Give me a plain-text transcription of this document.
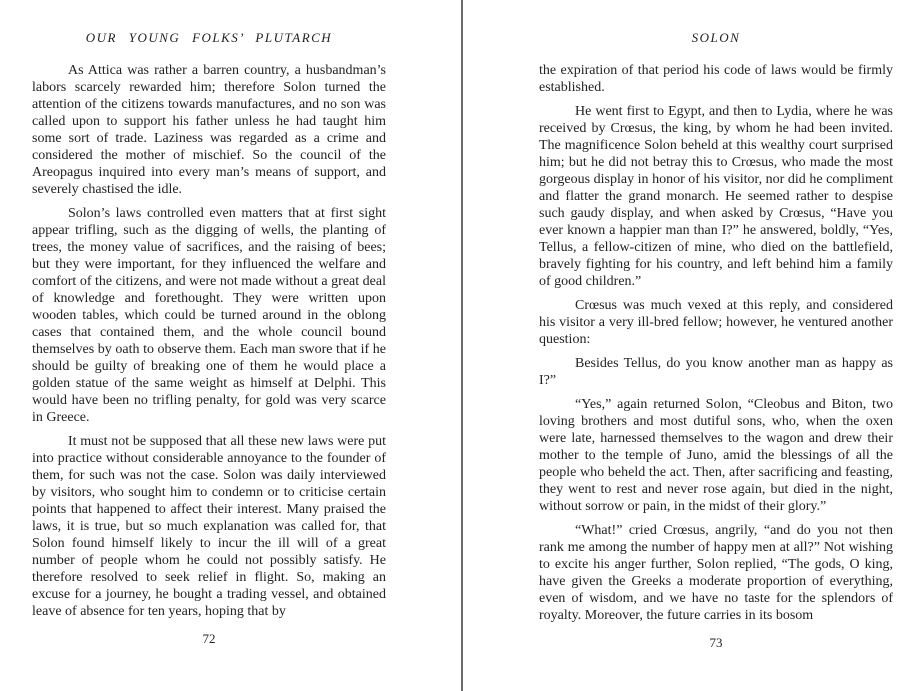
OUR YOUNG FOLKS’ PLUTARCH

As Attica was rather a barren country, a husbandman’s labors scarcely rewarded him; therefore Solon turned the attention of the citizens towards manufactures, and no son was called upon to support his father unless he had taught him some sort of trade. Laziness was regarded as a crime and considered the mother of mischief. So the council of the Areopagus inquired into every man’s means of support, and severely chastised the idle.

Solon’s laws controlled even matters that at first sight appear trifling, such as the digging of wells, the planting of trees, the money value of sacrifices, and the raising of bees; but they were important, for they influenced the welfare and comfort of the citizens, and were not made without a great deal of knowledge and forethought. They were written upon wooden tables, which could be turned around in the oblong cases that contained them, and the whole council bound themselves by oath to observe them. Each man swore that if he should be guilty of breaking one of them he would place a golden statue of the same weight as himself at Delphi. This would have been no trifling penalty, for gold was very scarce in Greece.

It must not be supposed that all these new laws were put into practice without considerable annoyance to the founder of them, for such was not the case. Solon was daily interviewed by visitors, who sought him to condemn or to criticise certain points that happened to affect their interest. Many praised the laws, it is true, but so much explanation was called for, that Solon found himself likely to incur the ill will of a great number of people whom he could not possibly satisfy. He therefore resolved to seek relief in flight. So, making an excuse for a journey, he bought a trading vessel, and obtained leave of absence for ten years, hoping that by

72
SOLON

the expiration of that period his code of laws would be firmly established.

He went first to Egypt, and then to Lydia, where he was received by Crœsus, the king, by whom he had been invited. The magnificence Solon beheld at this wealthy court surprised him; but he did not betray this to Crœsus, who made the most gorgeous display in honor of his visitor, nor did he compliment and flatter the grand monarch. He seemed rather to despise such gaudy display, and when asked by Crœsus, “Have you ever known a happier man than I?” he answered, boldly, “Yes, Tellus, a fellow-citizen of mine, who died on the battlefield, bravely fighting for his country, and left behind him a family of good children.”

Crœsus was much vexed at this reply, and considered his visitor a very ill-bred fellow; however, he ventured another question:

Besides Tellus, do you know another man as happy as I?”

“Yes,” again returned Solon, “Cleobus and Biton, two loving brothers and most dutiful sons, who, when the oxen were late, harnessed themselves to the wagon and drew their mother to the temple of Juno, amid the blessings of all the people who beheld the act. Then, after sacrificing and feasting, they went to rest and never rose again, but died in the night, without sorrow or pain, in the midst of their glory.”

“What!” cried Crœsus, angrily, “and do you not then rank me among the number of happy men at all?” Not wishing to excite his anger further, Solon replied, “The gods, O king, have given the Greeks a moderate proportion of everything, even of wisdom, and we have no taste for the splendors of royalty. Moreover, the future carries in its bosom

73
